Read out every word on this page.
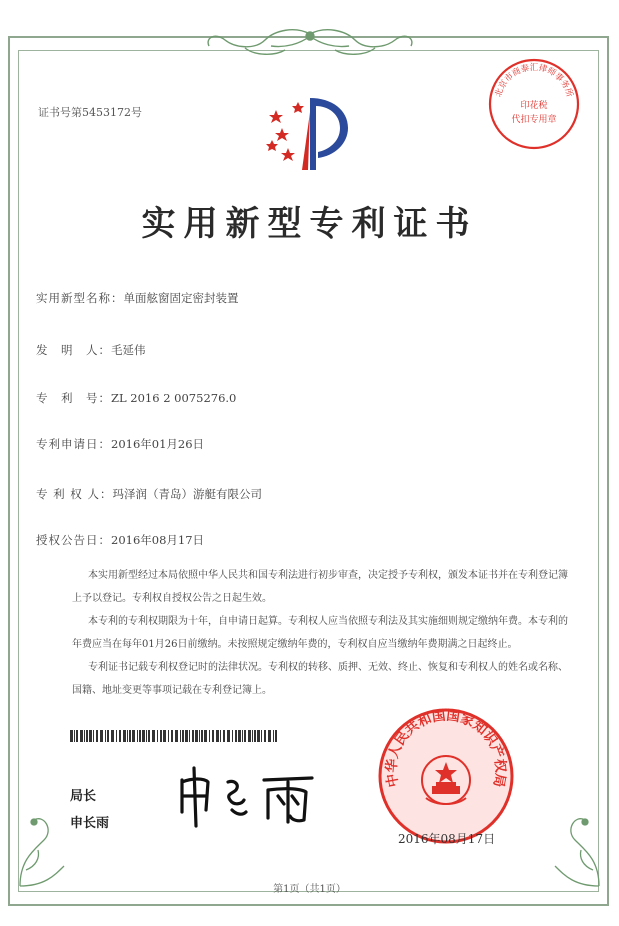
证书号第5453172号
北京市商泰汇律师事务所
印花税
代扣专用章
实用新型专利证书
实用新型名称：单面舷窗固定密封装置
发　明　人：毛延伟
专　利　号：ZL 2016 2 0075276.0
专利申请日：2016年01月26日
专 利 权 人：玛泽润（青岛）游艇有限公司
授权公告日：2016年08月17日

本实用新型经过本局依照中华人民共和国专利法进行初步审查，决定授予专利权，颁发本证书并在专利登记簿上予以登记。专利权自授权公告之日起生效。

本专利的专利权期限为十年，自申请日起算。专利权人应当依照专利法及其实施细则规定缴纳年费。本专利的年费应当在每年01月26日前缴纳。未按照规定缴纳年费的，专利权自应当缴纳年费期满之日起终止。

专利证书记载专利权登记时的法律状况。专利权的转移、质押、无效、终止、恢复和专利权人的姓名或名称、国籍、地址变更等事项记载在专利登记簿上。

局长
申长雨
中华人民共和国国家知识产权局
2016年08月17日
第1页（共1页）
